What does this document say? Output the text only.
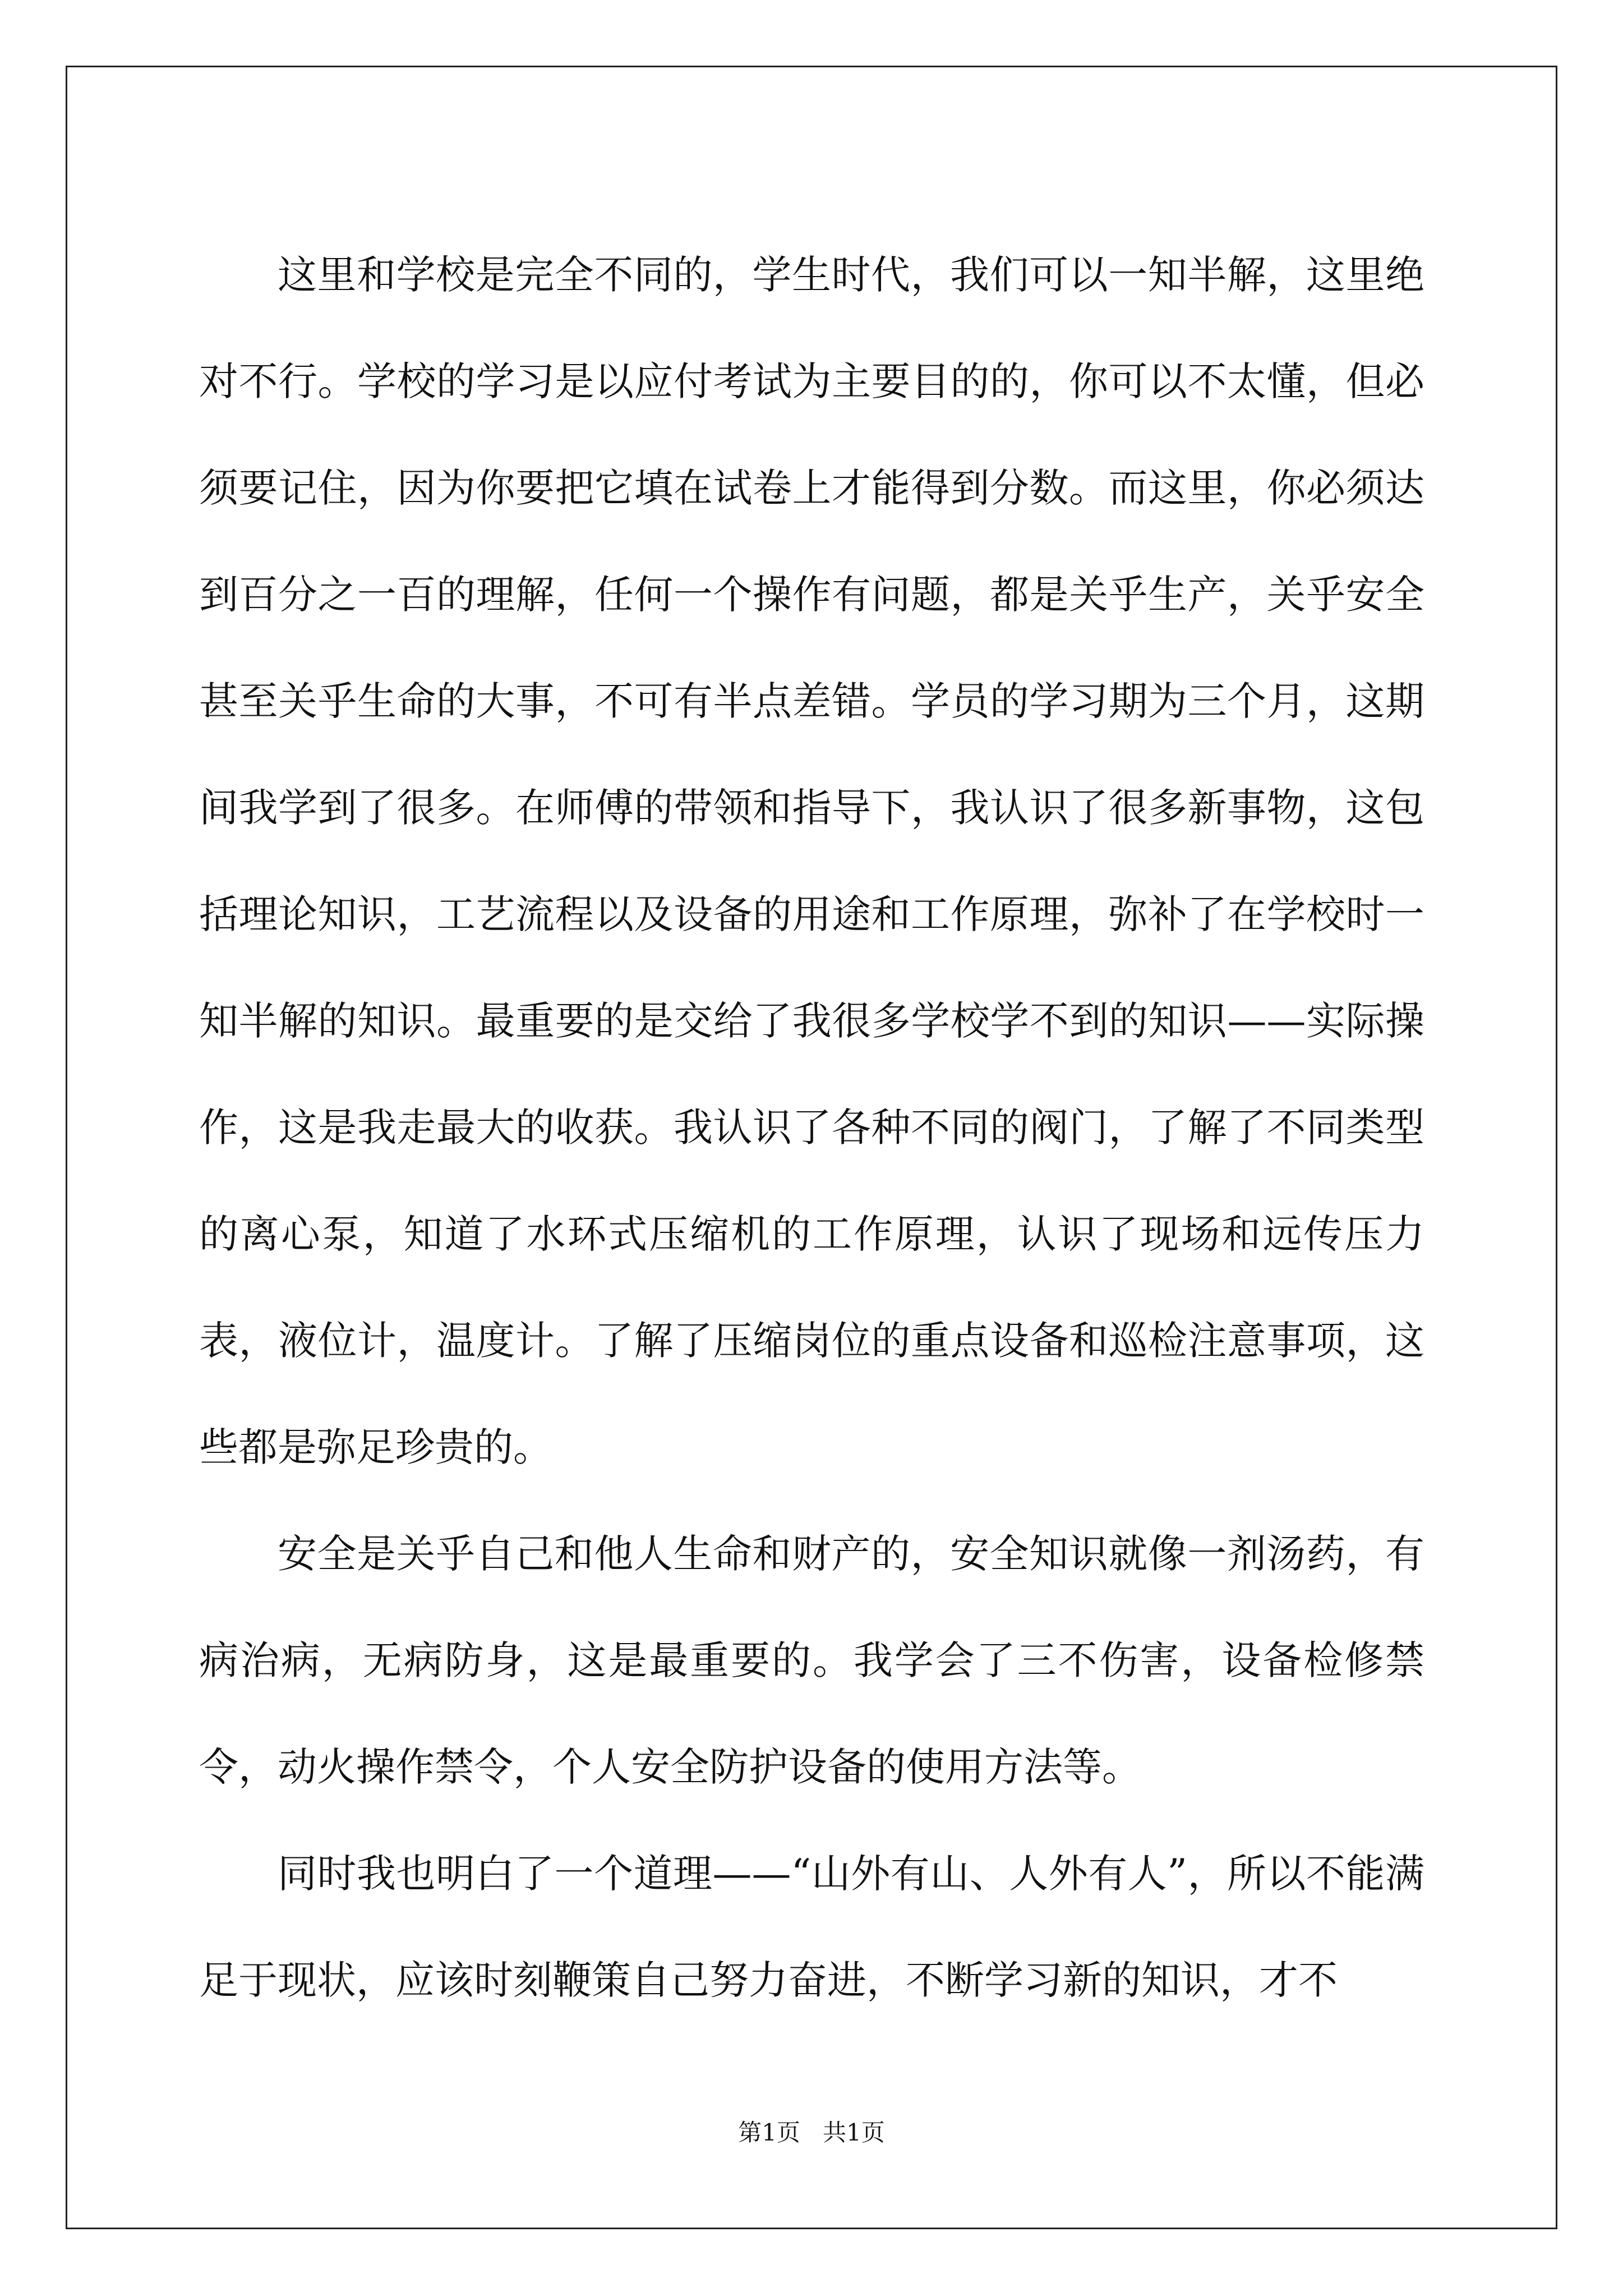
这里和学校是完全不同的，学生时代，我们可以一知半解，这里绝对不行。学校的学习是以应付考试为主要目的的，你可以不太懂，但必须要记住，因为你要把它填在试卷上才能得到分数。而这里，你必须达到百分之一百的理解，任何一个操作有问题，都是关乎生产，关乎安全甚至关乎生命的大事，不可有半点差错。学员的学习期为三个月，这期间我学到了很多。在师傅的带领和指导下，我认识了很多新事物，这包括理论知识，工艺流程以及设备的用途和工作原理，弥补了在学校时一知半解的知识。最重要的是交给了我很多学校学不到的知识——实际操作，这是我走最大的收获。我认识了各种不同的阀门，了解了不同类型的离心泵，知道了水环式压缩机的工作原理，认识了现场和远传压力表，液位计，温度计。了解了压缩岗位的重点设备和巡检注意事项，这些都是弥足珍贵的。

安全是关乎自己和他人生命和财产的，安全知识就像一剂汤药，有病治病，无病防身，这是最重要的。我学会了三不伤害，设备检修禁令，动火操作禁令，个人安全防护设备的使用方法等。

同时我也明白了一个道理——“山外有山、人外有人”，所以不能满足于现状，应该时刻鞭策自己努力奋进，不断学习新的知识，才不

第1页   共1页
